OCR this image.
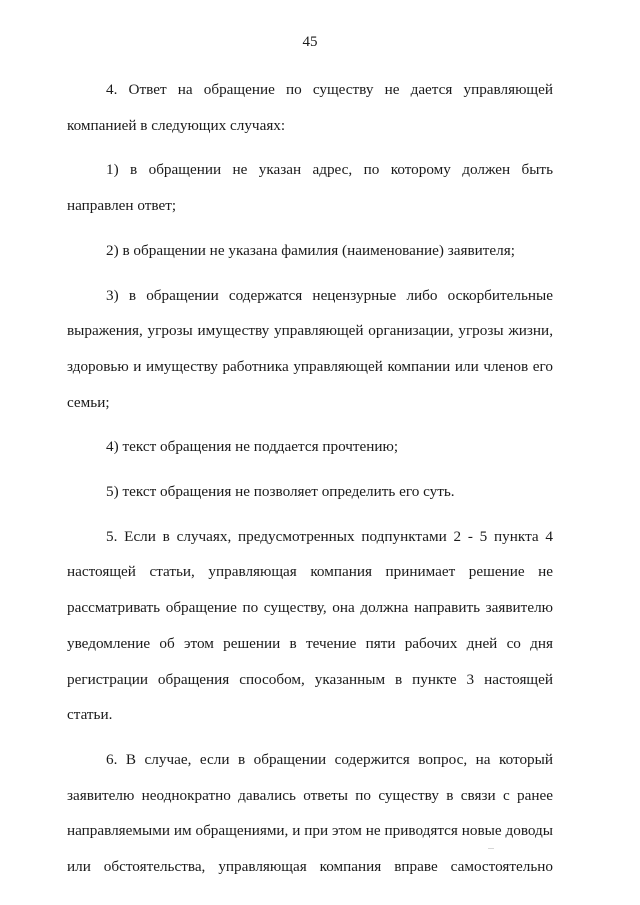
45

4. Ответ на обращение по существу не дается управляющей компанией в следующих случаях:

1) в обращении не указан адрес, по которому должен быть направлен ответ;

2) в обращении не указана фамилия (наименование) заявителя;

3) в обращении содержатся нецензурные либо оскорбительные выражения, угрозы имуществу управляющей организации, угрозы жизни, здоровью и имуществу работника управляющей компании или членов его семьи;

4) текст обращения не поддается прочтению;

5) текст обращения не позволяет определить его суть.

5. Если в случаях, предусмотренных подпунктами 2 - 5 пункта 4 настоящей статьи, управляющая компания принимает решение не рассматривать обращение по существу, она должна направить заявителю уведомление об этом решении в течение пяти рабочих дней со дня регистрации обращения способом, указанным в пункте 3 настоящей статьи.

6. В случае, если в обращении содержится вопрос, на который заявителю неоднократно давались ответы по существу в связи с ранее направляемыми им обращениями, и при этом не приводятся новые доводы или обстоятельства, управляющая компания вправе самостоятельно
